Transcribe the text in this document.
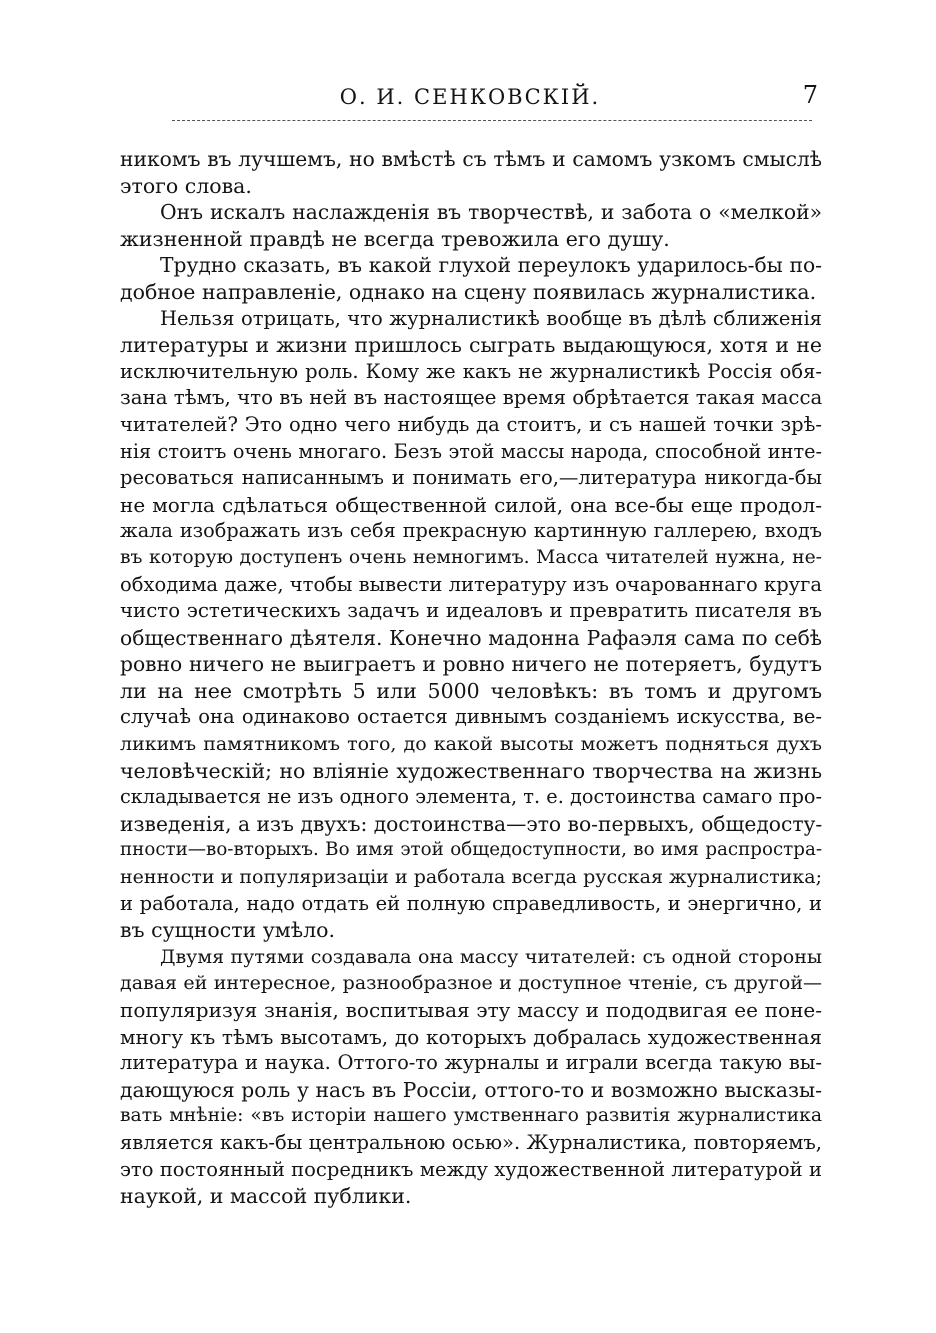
О. И. СЕНКОВСКІЙ.	7
никомъ въ лучшемъ, но вмѣстѣ съ тѣмъ и самомъ узкомъ смыслѣ
этого слова.
Онъ искалъ наслажденія въ творчествѣ, и забота о «мелкой»
жизненной правдѣ не всегда тревожила его душу.
Трудно сказать, въ какой глухой переулокъ ударилось-бы по-
добное направленіе, однако на сцену появилась журналистика.
Нельзя отрицать, что журналистикѣ вообще въ дѣлѣ сближенія
литературы и жизни пришлось сыграть выдающуюся, хотя и не
исключительную роль. Кому же какъ не журналистикѣ Россія обя-
зана тѣмъ, что въ ней въ настоящее время обрѣтается такая масса
читателей? Это одно чего нибудь да стоитъ, и съ нашей точки зрѣ-
нія стоитъ очень многаго. Безъ этой массы народа, способной инте-
ресоваться написаннымъ и понимать его,—литература никогда-бы
не могла сдѣлаться общественной силой, она все-бы еще продол-
жала изображать изъ себя прекрасную картинную галлерею, входъ
въ которую доступенъ очень немногимъ. Масса читателей нужна, не-
обходима даже, чтобы вывести литературу изъ очарованнаго круга
чисто эстетическихъ задачъ и идеаловъ и превратить писателя въ
общественнаго дѣятеля. Конечно мадонна Рафаэля сама по себѣ
ровно ничего не выиграетъ и ровно ничего не потеряетъ, будутъ
ли на нее смотрѣть 5 или 5000 человѣкъ: въ томъ и другомъ
случаѣ она одинаково остается дивнымъ созданіемъ искусства, ве-
ликимъ памятникомъ того, до какой высоты можетъ подняться духъ
человѣческій; но вліяніе художественнаго творчества на жизнь
складывается не изъ одного элемента, т. е. достоинства самаго про-
изведенія, а изъ двухъ: достоинства—это во-первыхъ, общедосту-
пности—во-вторыхъ. Во имя этой общедоступности, во имя распростра-
ненности и популяризаціи и работала всегда русская журналистика;
и работала, надо отдать ей полную справедливость, и энергично, и
въ сущности умѣло.
Двумя путями создавала она массу читателей: съ одной стороны
давая ей интересное, разнообразное и доступное чтеніе, съ другой—
популяризуя знанія, воспитывая эту массу и пододвигая ее поне-
многу къ тѣмъ высотамъ, до которыхъ добралась художественная
литература и наука. Оттого-то журналы и играли всегда такую вы-
дающуюся роль у насъ въ Россіи, оттого-то и возможно высказы-
вать мнѣніе: «въ исторіи нашего умственнаго развитія журналистика
является какъ-бы центральною осью». Журналистика, повторяемъ,
это постоянный посредникъ между художественной литературой и
наукой, и массой публики.
